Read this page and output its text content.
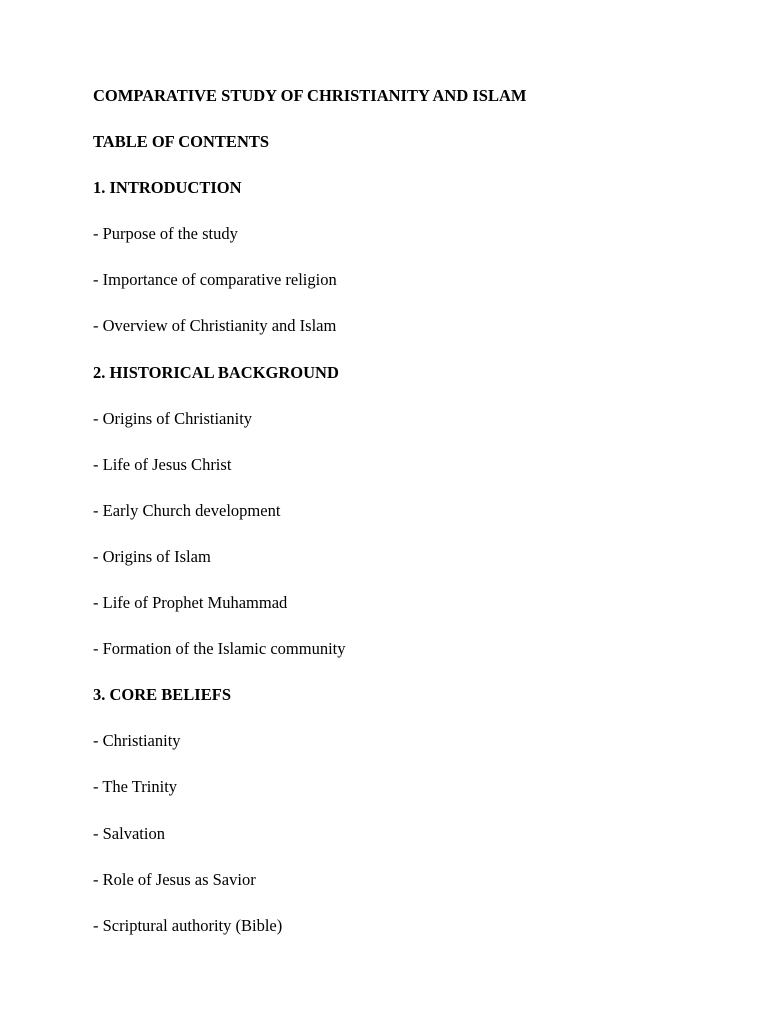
COMPARATIVE STUDY OF CHRISTIANITY AND ISLAM
TABLE OF CONTENTS
1. INTRODUCTION
- Purpose of the study
- Importance of comparative religion
- Overview of Christianity and Islam
2. HISTORICAL BACKGROUND
- Origins of Christianity
- Life of Jesus Christ
- Early Church development
- Origins of Islam
- Life of Prophet Muhammad
- Formation of the Islamic community
3. CORE BELIEFS
- Christianity
- The Trinity
- Salvation
- Role of Jesus as Savior
- Scriptural authority (Bible)
